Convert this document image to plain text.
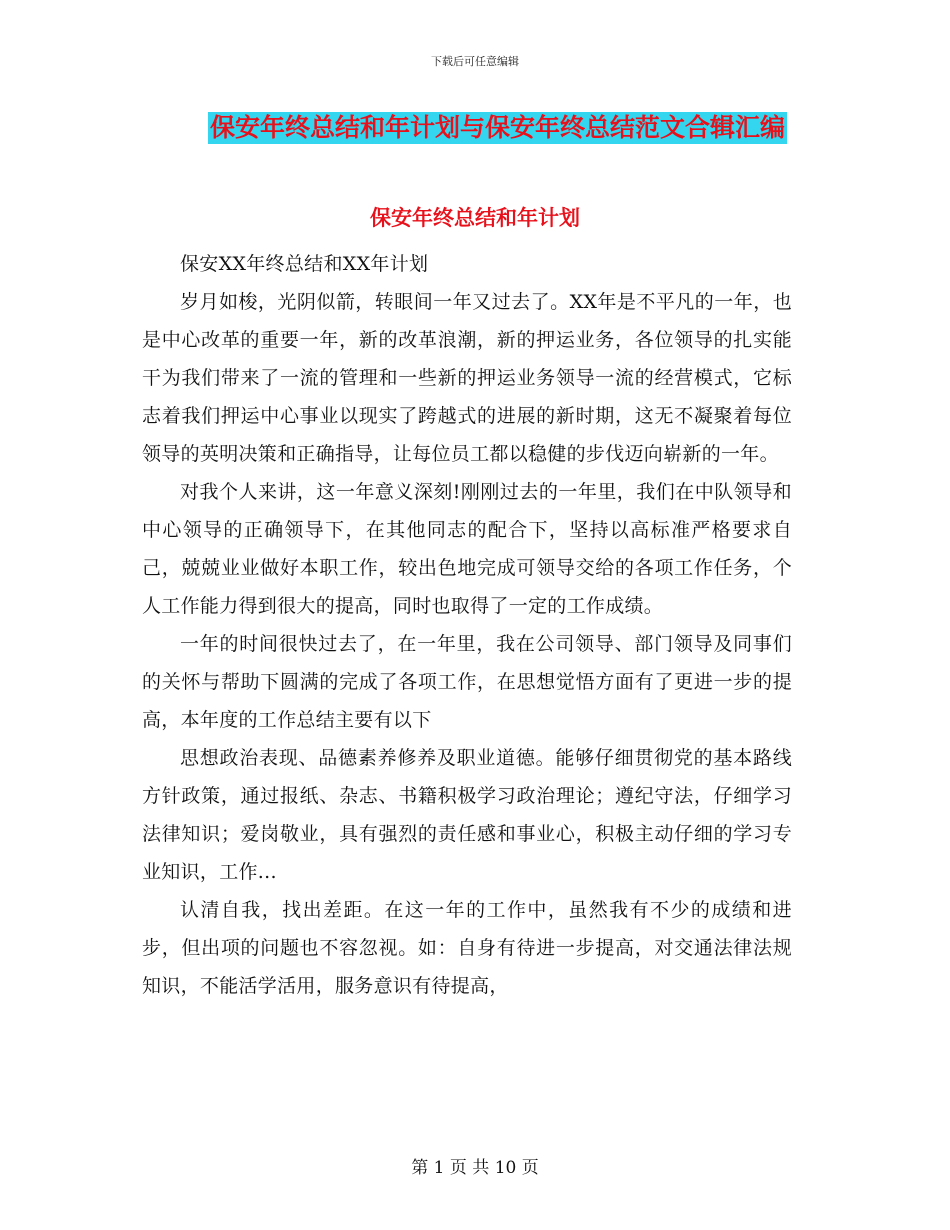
下载后可任意编辑
保安年终总结和年计划与保安年终总结范文合辑汇编
保安年终总结和年计划

保安XX年终总结和XX年计划

岁月如梭，光阴似箭，转眼间一年又过去了。XX年是不平凡的一年，也是中心改革的重要一年，新的改革浪潮，新的押运业务，各位领导的扎实能干为我们带来了一流的管理和一些新的押运业务领导一流的经营模式，它标志着我们押运中心事业以现实了跨越式的进展的新时期，这无不凝聚着每位领导的英明决策和正确指导，让每位员工都以稳健的步伐迈向崭新的一年。

对我个人来讲，这一年意义深刻!刚刚过去的一年里，我们在中队领导和中心领导的正确领导下，在其他同志的配合下，坚持以高标准严格要求自己，兢兢业业做好本职工作，较出色地完成可领导交给的各项工作任务，个人工作能力得到很大的提高，同时也取得了一定的工作成绩。

一年的时间很快过去了，在一年里，我在公司领导、部门领导及同事们的关怀与帮助下圆满的完成了各项工作，在思想觉悟方面有了更进一步的提高，本年度的工作总结主要有以下

思想政治表现、品德素养修养及职业道德。能够仔细贯彻党的基本路线方针政策，通过报纸、杂志、书籍积极学习政治理论；遵纪守法，仔细学习法律知识；爱岗敬业，具有强烈的责任感和事业心，积极主动仔细的学习专业知识，工作...

认清自我，找出差距。在这一年的工作中，虽然我有不少的成绩和进步，但出项的问题也不容忽视。如：自身有待进一步提高，对交通法律法规知识，不能活学活用，服务意识有待提高，

第 1 页 共 10 页
